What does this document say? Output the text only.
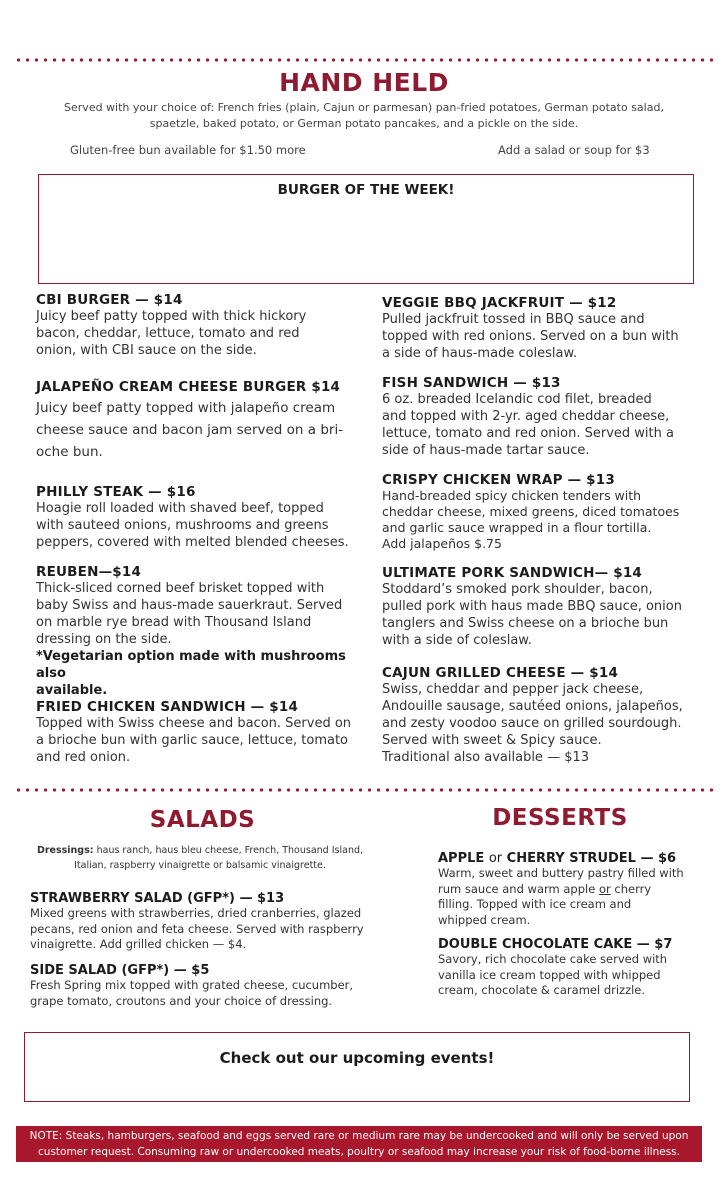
HAND HELD
Served with your choice of: French fries (plain, Cajun or parmesan) pan-fried potatoes, German potato salad,
spaetzle, baked potato, or German potato pancakes, and a pickle on the side.
Gluten-free bun available for $1.50 more	Add a salad or soup for $3
BURGER OF THE WEEK!
CBI BURGER — $14
Juicy beef patty topped with thick hickory
bacon, cheddar, lettuce, tomato and red
onion, with CBI sauce on the side.
JALAPEÑO CREAM CHEESE BURGER $14
Juicy beef patty topped with jalapeño cream
cheese sauce and bacon jam served on a bri-
oche bun.
PHILLY STEAK — $16
Hoagie roll loaded with shaved beef, topped
with sauteed onions, mushrooms and greens
peppers, covered with melted blended cheeses.
REUBEN—$14
Thick-sliced corned beef brisket topped with
baby Swiss and haus-made sauerkraut. Served
on marble rye bread with Thousand Island
dressing on the side.
*Vegetarian option made with mushrooms also
available.
FRIED CHICKEN SANDWICH — $14
Topped with Swiss cheese and bacon. Served on
a brioche bun with garlic sauce, lettuce, tomato
and red onion.
VEGGIE BBQ JACKFRUIT — $12
Pulled jackfruit tossed in BBQ sauce and
topped with red onions. Served on a bun with
a side of haus-made coleslaw.
FISH SANDWICH — $13
6 oz. breaded Icelandic cod filet, breaded
and topped with 2-yr. aged cheddar cheese,
lettuce, tomato and red onion. Served with a
side of haus-made tartar sauce.
CRISPY CHICKEN WRAP — $13
Hand-breaded spicy chicken tenders with
cheddar cheese, mixed greens, diced tomatoes
and garlic sauce wrapped in a flour tortilla.
Add jalapeños $.75
ULTIMATE PORK SANDWICH— $14
Stoddard’s smoked pork shoulder, bacon,
pulled pork with haus made BBQ sauce, onion
tanglers and Swiss cheese on a brioche bun
with a side of coleslaw.
CAJUN GRILLED CHEESE — $14
Swiss, cheddar and pepper jack cheese,
Andouille sausage, sautéed onions, jalapeños,
and zesty voodoo sauce on grilled sourdough.
Served with sweet & Spicy sauce.
Traditional also available — $13
SALADS
Dressings: haus ranch, haus bleu cheese, French, Thousand Island,
Italian, raspberry vinaigrette or balsamic vinaigrette.
STRAWBERRY SALAD (GFP*) — $13
Mixed greens with strawberries, dried cranberries, glazed
pecans, red onion and feta cheese. Served with raspberry
vinaigrette. Add grilled chicken — $4.
SIDE SALAD (GFP*) — $5
Fresh Spring mix topped with grated cheese, cucumber,
grape tomato, croutons and your choice of dressing.
DESSERTS
APPLE or CHERRY STRUDEL — $6
Warm, sweet and buttery pastry filled with
rum sauce and warm apple or cherry
filling. Topped with ice cream and
whipped cream.
DOUBLE CHOCOLATE CAKE — $7
Savory, rich chocolate cake served with
vanilla ice cream topped with whipped
cream, chocolate & caramel drizzle.
Check out our upcoming events!
NOTE: Steaks, hamburgers, seafood and eggs served rare or medium rare may be undercooked and will only be served upon
customer request. Consuming raw or undercooked meats, poultry or seafood may increase your risk of food-borne illness.
